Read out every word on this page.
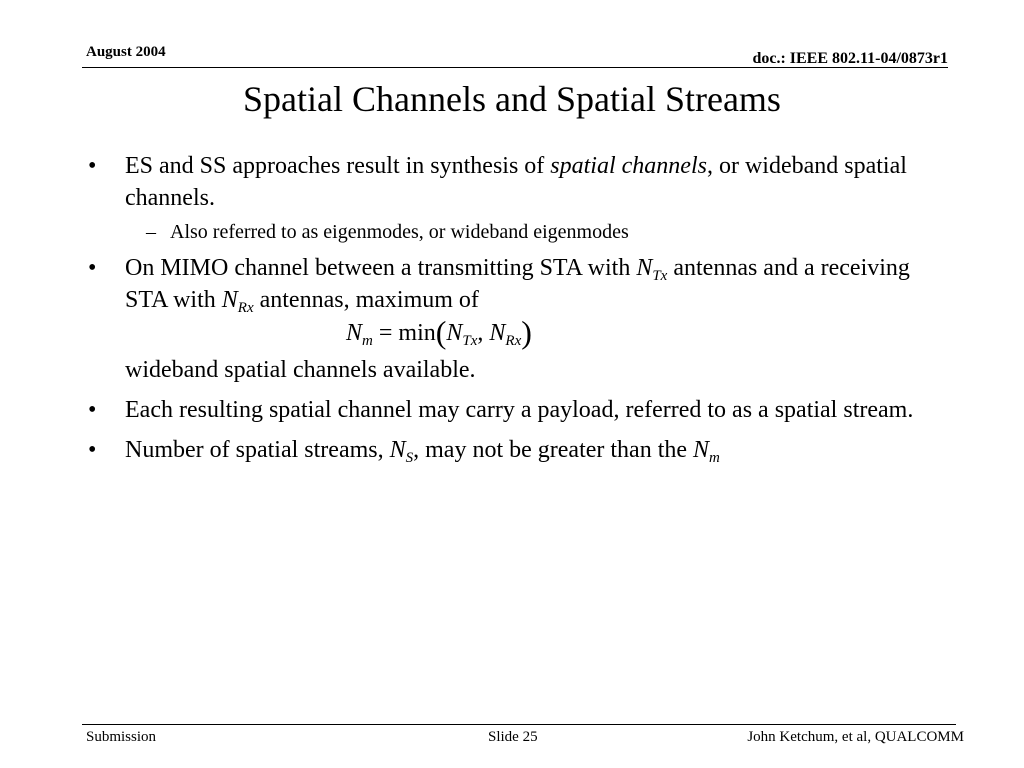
August 2004	doc.: IEEE 802.11-04/0873r1
Spatial Channels and Spatial Streams
• ES and SS approaches result in synthesis of spatial channels, or wideband spatial channels.
– Also referred to as eigenmodes, or wideband eigenmodes
• On MIMO channel between a transmitting STA with $N_{Tx}$ antennas and a receiving STA with $N_{Rx}$ antennas, maximum of
$N_m = \min(N_{Tx}$, $N_{Rx}$)
wideband spatial channels available.
• Each resulting spatial channel may carry a payload, referred to as a spatial stream.
• Number of spatial streams, $N_S$, may not be greater than the $N_m$
Submission	Slide 25	John Ketchum, et al, QUALCOMM
